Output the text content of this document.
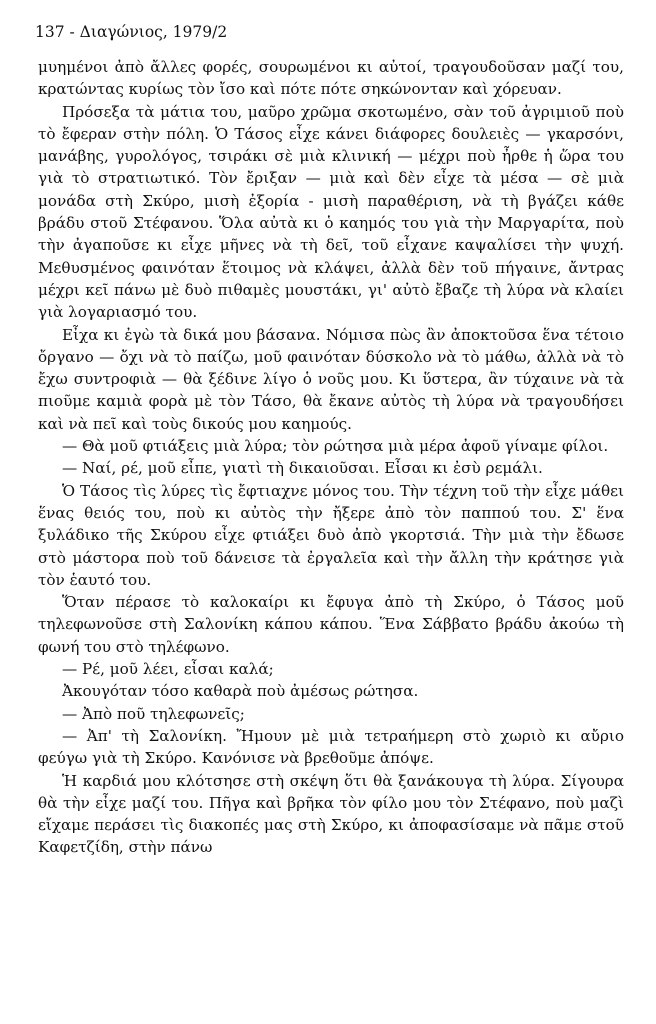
137 - Διαγώνιος, 1979/2

μυημένοι ἀπὸ ἄλλες φορές, σουρωμένοι κι αὐτοί, τραγουδοῦσαν μαζί του, κρατώντας κυρίως τὸν ἴσο καὶ πότε πότε σηκώνονταν καὶ χόρευαν.

Πρόσεξα τὰ μάτια του, μαῦρο χρῶμα σκοτωμένο, σὰν τοῦ ἀγριμιοῦ ποὺ τὸ ἔφεραν στὴν πόλη. Ὁ Τάσος εἶχε κάνει διάφορες δουλειὲς — γκαρσόνι, μανάβης, γυρολόγος, τσιράκι σὲ μιὰ κλινική — μέχρι ποὺ ἦρθε ἡ ὥρα του γιὰ τὸ στρατιωτικό. Τὸν ἔριξαν — μιὰ καὶ δὲν εἶχε τὰ μέσα — σὲ μιὰ μονάδα στὴ Σκύρο, μισὴ ἐξορία - μισὴ παραθέριση, νὰ τὴ βγάζει κάθε βράδυ στοῦ Στέφανου. Ὅλα αὐτὰ κι ὁ καημός του γιὰ τὴν Μαργαρίτα, ποὺ τὴν ἀγαποῦσε κι εἶχε μῆνες νὰ τὴ δεῖ, τοῦ εἶχανε καψαλίσει τὴν ψυχή. Μεθυσμένος φαινόταν ἕτοιμος νὰ κλάψει, ἀλλὰ δὲν τοῦ πήγαινε, ἄντρας μέχρι κεῖ πάνω μὲ δυὸ πιθαμὲς μουστάκι, γι' αὐτὸ ἔβαζε τὴ λύρα νὰ κλαίει γιὰ λογαριασμό του.

Εἶχα κι ἐγὼ τὰ δικά μου βάσανα. Νόμισα πὼς ἂν ἀποκτοῦσα ἕνα τέτοιο ὄργανο — ὄχι νὰ τὸ παίζω, μοῦ φαινόταν δύσκολο νὰ τὸ μάθω, ἀλλὰ νὰ τὸ ἔχω συντροφιὰ — θὰ ξέδινε λίγο ὁ νοῦς μου. Κι ὕστερα, ἂν τύχαινε νὰ τὰ πιοῦμε καμιὰ φορὰ μὲ τὸν Τάσο, θὰ ἔκανε αὐτὸς τὴ λύρα νὰ τραγουδήσει καὶ νὰ πεῖ καὶ τοὺς δικούς μου καημούς.

— Θὰ μοῦ φτιάξεις μιὰ λύρα; τὸν ρώτησα μιὰ μέρα ἀφοῦ γίναμε φίλοι.

— Ναί, ρέ, μοῦ εἶπε, γιατὶ τὴ δικαιοῦσαι. Εἶσαι κι ἐσὺ ρεμάλι.

Ὁ Τάσος τὶς λύρες τὶς ἔφτιαχνε μόνος του. Τὴν τέχνη τοῦ τὴν εἶχε μάθει ἕνας θειός του, ποὺ κι αὐτὸς τὴν ἤξερε ἀπὸ τὸν παππού του. Σ' ἕνα ξυλάδικο τῆς Σκύρου εἶχε φτιάξει δυὸ ἀπὸ γκορτσιά. Τὴν μιὰ τὴν ἔδωσε στὸ μάστορα ποὺ τοῦ δάνεισε τὰ ἐργαλεῖα καὶ τὴν ἄλλη τὴν κράτησε γιὰ τὸν ἑαυτό του.

Ὅταν πέρασε τὸ καλοκαίρι κι ἔφυγα ἀπὸ τὴ Σκύρο, ὁ Τάσος μοῦ τηλεφωνοῦσε στὴ Σαλονίκη κάπου κάπου. Ἕνα Σάββατο βράδυ ἀκούω τὴ φωνή του στὸ τηλέφωνο.

— Ρέ, μοῦ λέει, εἶσαι καλά;

Ἀκουγόταν τόσο καθαρὰ ποὺ ἀμέσως ρώτησα.

— Ἀπὸ ποῦ τηλεφωνεῖς;

— Ἀπ' τὴ Σαλονίκη. Ἤμουν μὲ μιὰ τετραήμερη στὸ χωριὸ κι αὔριο φεύγω γιὰ τὴ Σκύρο. Κανόνισε νὰ βρεθοῦμε ἀπόψε.

Ἡ καρδιά μου κλότσησε στὴ σκέψη ὅτι θὰ ξανάκουγα τὴ λύρα. Σίγουρα θὰ τὴν εἶχε μαζί του. Πῆγα καὶ βρῆκα τὸν φίλο μου τὸν Στέφανο, ποὺ μαζὶ εἴχαμε περάσει τὶς διακοπές μας στὴ Σκύρο, κι ἀποφασίσαμε νὰ πᾶμε στοῦ Καφετζίδη, στὴν πάνω
